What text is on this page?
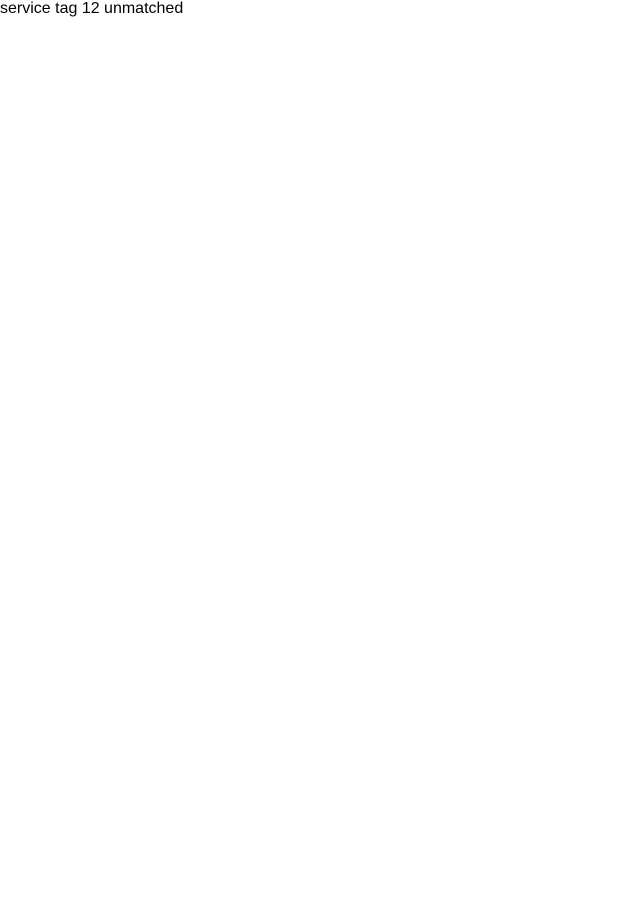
service tag 12 unmatched
